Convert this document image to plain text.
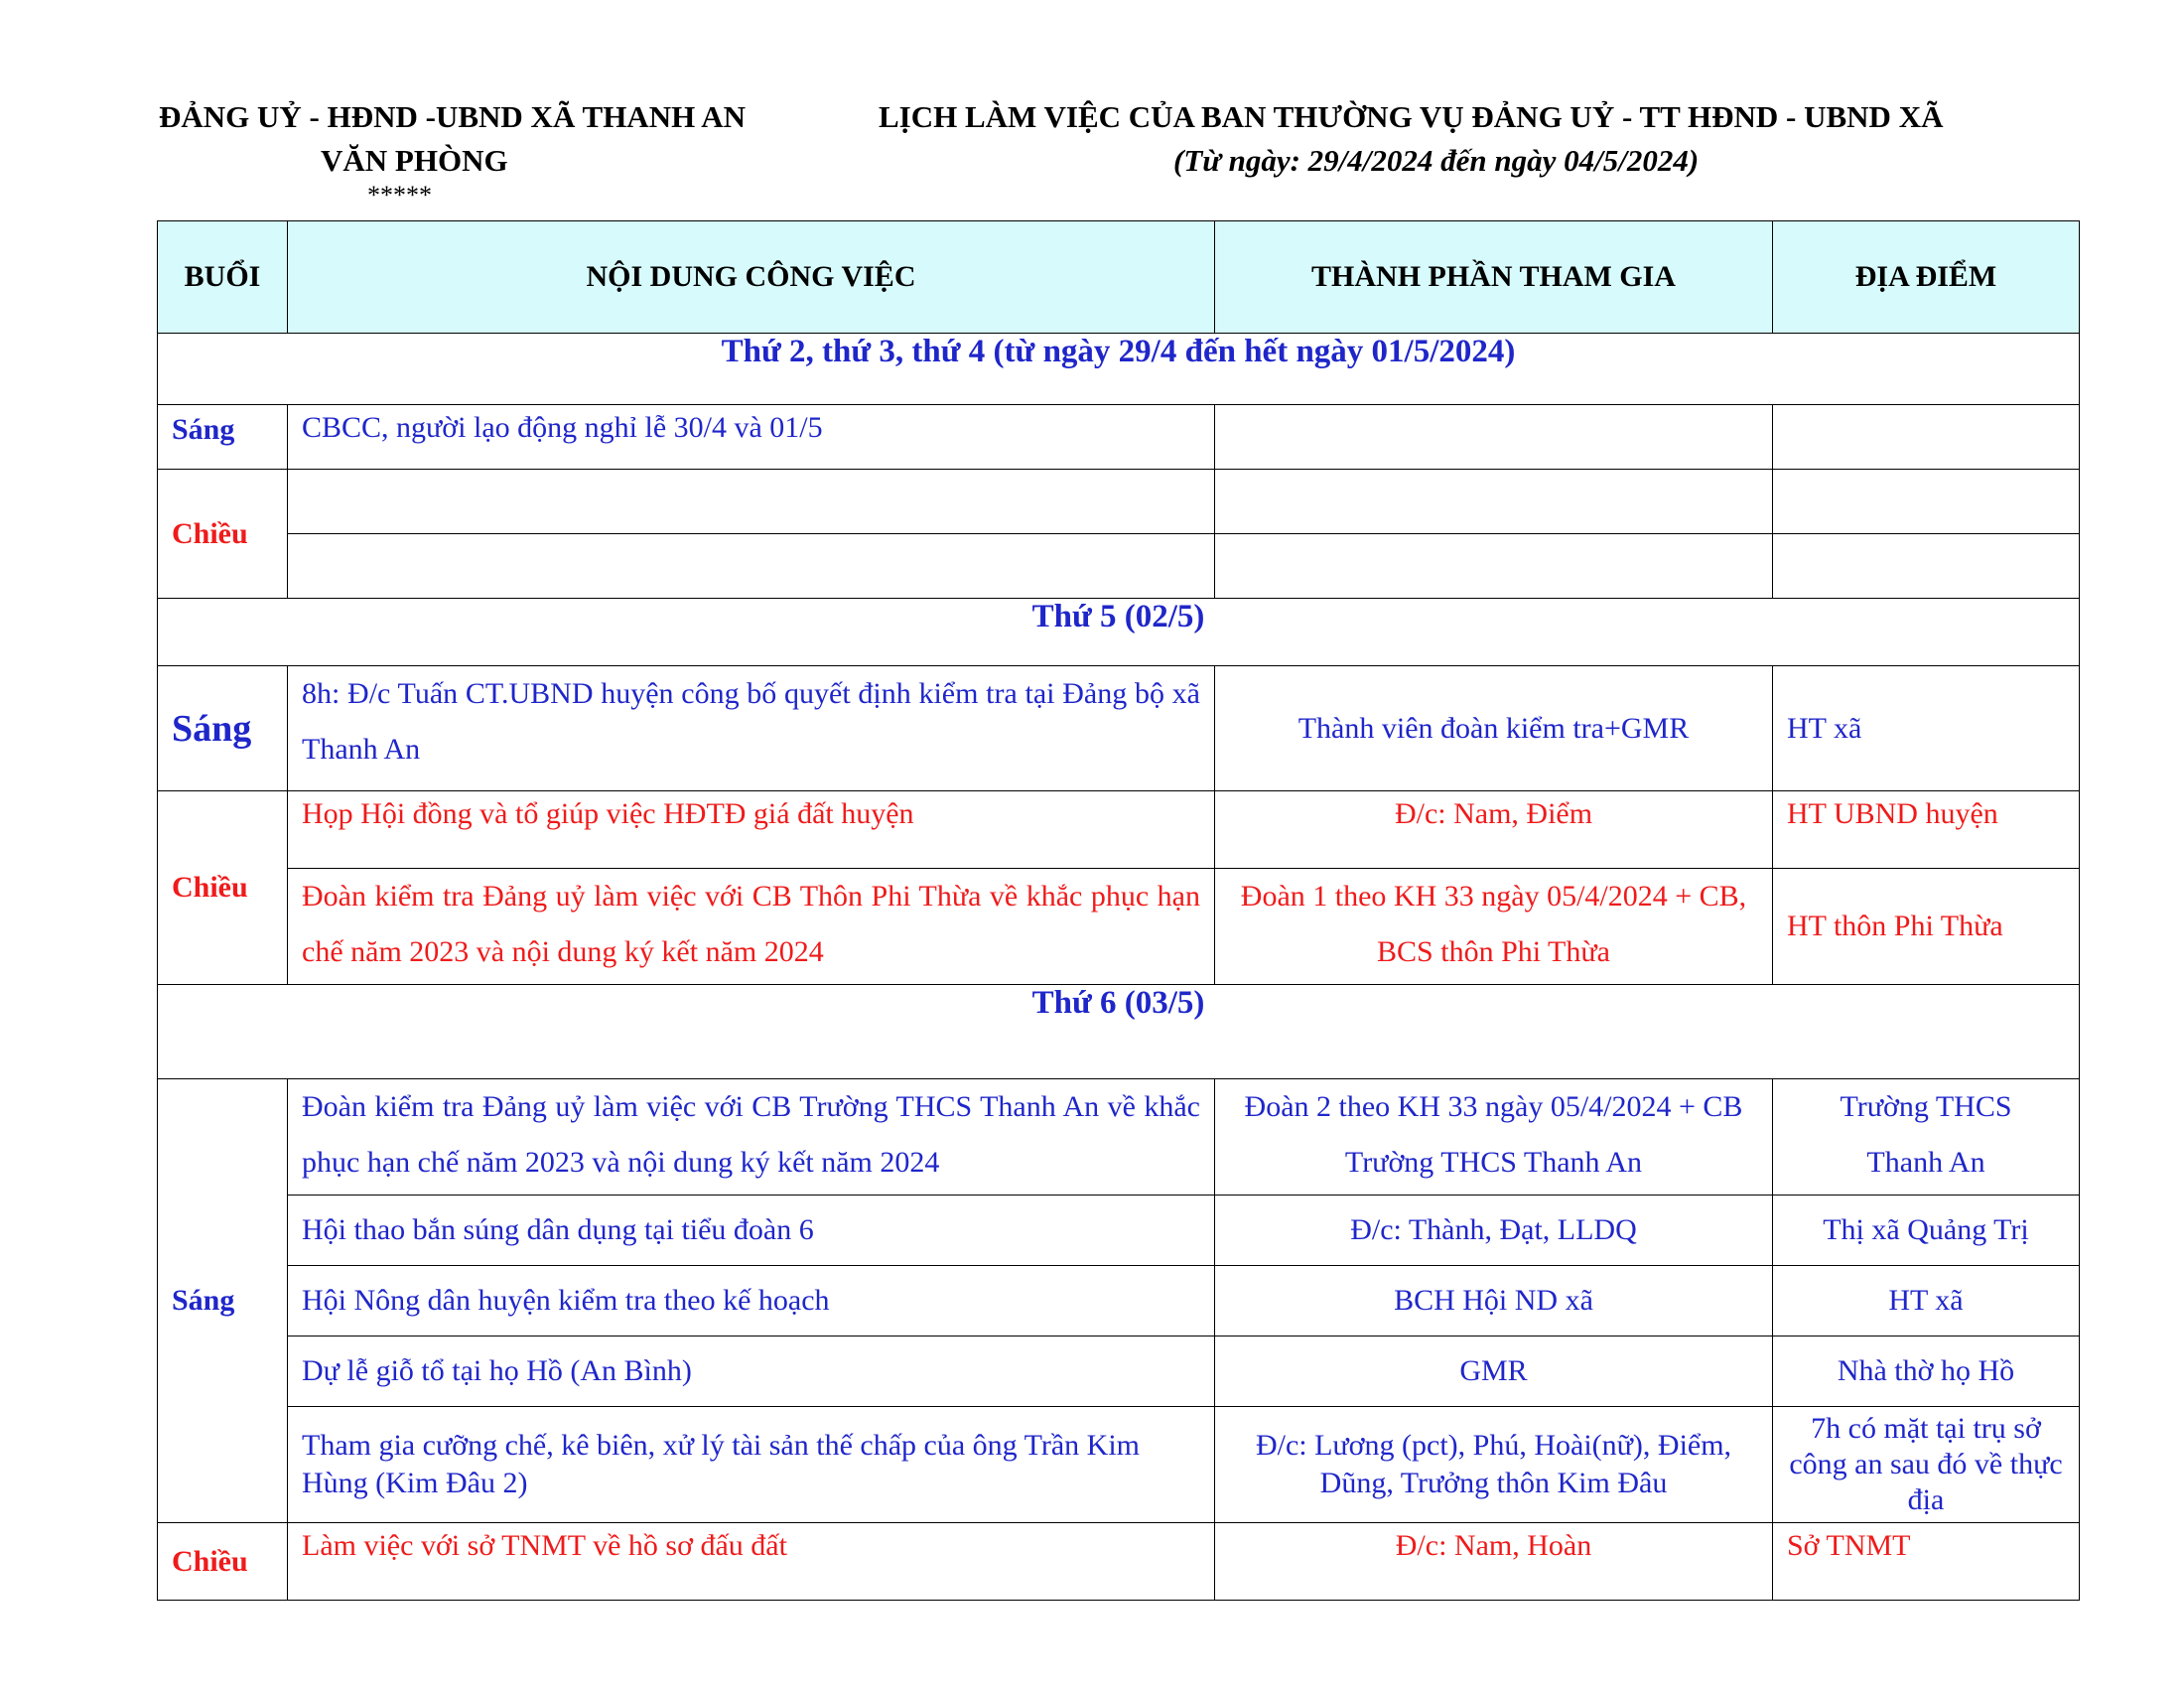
ĐẢNG UỶ - HĐND -UBND XÃ THANH AN
VĂN PHÒNG
*****
LỊCH LÀM VIỆC CỦA BAN THƯỜNG VỤ ĐẢNG UỶ - TT HĐND - UBND XÃ
(Từ ngày: 29/4/2024 đến ngày 04/5/2024)
BUỔI	NỘI DUNG CÔNG VIỆC	THÀNH PHẦN THAM GIA	ĐỊA ĐIỂM
Thứ 2, thứ 3, thứ 4 (từ ngày 29/4 đến hết ngày 01/5/2024)			
Sáng	CBCC, người lạo động nghỉ lễ 30/4 và 01/5		
Chiều			

Thứ 5 (02/5)			
Sáng	8h: Đ/c Tuấn CT.UBND huyện công bố quyết định kiểm tra tại Đảng bộ xã Thanh An	Thành viên đoàn kiểm tra+GMR	HT xã
Chiều	Họp Hội đồng và tổ giúp việc HĐTĐ giá đất huyện	Đ/c: Nam, Điểm	HT UBND huyện
	Đoàn kiểm tra Đảng uỷ làm việc với CB Thôn Phi Thừa về khắc phục hạn chế năm 2023 và nội dung ký kết năm 2024	Đoàn 1 theo KH 33 ngày 05/4/2024 + CB, BCS thôn Phi Thừa	HT thôn Phi Thừa
Thứ 6 (03/5)			
Sáng	Đoàn kiểm tra Đảng uỷ làm việc với CB Trường THCS Thanh An về khắc phục hạn chế năm 2023 và nội dung ký kết năm 2024	Đoàn 2 theo KH 33 ngày 05/4/2024 + CB Trường THCS Thanh An	Trường THCS Thanh An
	Hội thao bắn súng dân dụng tại tiểu đoàn 6	Đ/c: Thành, Đạt, LLDQ	Thị xã Quảng Trị
	Hội Nông dân huyện kiểm tra theo kế hoạch	BCH Hội ND xã	HT xã
	Dự lễ giỗ tổ tại họ Hồ (An Bình)	GMR	Nhà thờ họ Hồ
	Tham gia cưỡng chế, kê biên, xử lý tài sản thế chấp của ông Trần Kim Hùng (Kim Đâu 2)	Đ/c: Lương (pct), Phú, Hoài(nữ), Điểm, Dũng, Trưởng thôn Kim Đâu	7h có mặt tại trụ sở công an sau đó về thực địa
Chiều	Làm việc với sở TNMT về hồ sơ đấu đất	Đ/c: Nam, Hoàn	Sở TNMT
